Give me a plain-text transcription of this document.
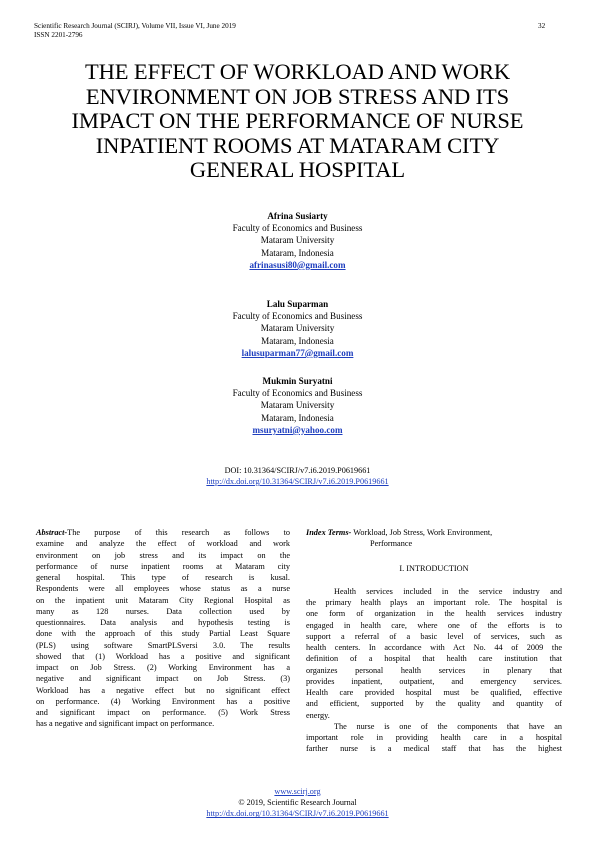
Scientific Research Journal (SCIRJ), Volume VII, Issue VI, June 2019
ISSN 2201-2796
32
THE EFFECT OF WORKLOAD AND WORK
ENVIRONMENT ON JOB STRESS AND ITS
IMPACT ON THE PERFORMANCE OF NURSE
INPATIENT ROOMS AT MATARAM CITY
GENERAL HOSPITAL
Afrina Susiarty
Faculty of Economics and Business
Mataram University
Mataram, Indonesia
afrinasusi80@gmail.com
Lalu Suparman
Faculty of Economics and Business
Mataram University
Mataram, Indonesia
lalusuparman77@gmail.com
Mukmin Suryatni
Faculty of Economics and Business
Mataram University
Mataram, Indonesia
msuryatni@yahoo.com
DOI: 10.31364/SCIRJ/v7.i6.2019.P0619661
http://dx.doi.org/10.31364/SCIRJ/v7.i6.2019.P0619661
Abstract-The purpose of this research as follows to
examine and analyze the effect of workload and work
environment on job stress and its impact on the
performance of nurse inpatient rooms at Mataram city
general hospital. This type of research is kusal.
Respondents were all employees whose status as a nurse
on the inpatient unit Mataram City Regional Hospital as
many as 128 nurses. Data collection used by
questionnaires. Data analysis and hypothesis testing is
done with the approach of this study Partial Least Square
(PLS) using software SmartPLSversi 3.0. The results
showed that (1) Workload has a positive and significant
impact on Job Stress. (2) Working Environment has a
negative and significant impact on Job Stress. (3)
Workload has a negative effect but no significant effect
on performance. (4) Working Environment has a positive
and significant impact on performance. (5) Work Stress
has a negative and significant impact on performance.
Index Terms- Workload, Job Stress, Work Environment,
Performance
I. INTRODUCTION
Health services included in the service industry and
the primary health plays an important role. The hospital is
one form of organization in the health services industry
engaged in health care, where one of the efforts is to
support a referral of a basic level of services, such as
health centers. In accordance with Act No. 44 of 2009 the
definition of a hospital that health care institution that
organizes personal health services in plenary that
provides inpatient, outpatient, and emergency services.
Health care provided hospital must be qualified, effective
and efficient, supported by the quality and quantity of
energy.
The nurse is one of the components that have an
important role in providing health care in a hospital
farther nurse is a medical staff that has the highest
www.scirj.org
© 2019, Scientific Research Journal
http://dx.doi.org/10.31364/SCIRJ/v7.i6.2019.P0619661
